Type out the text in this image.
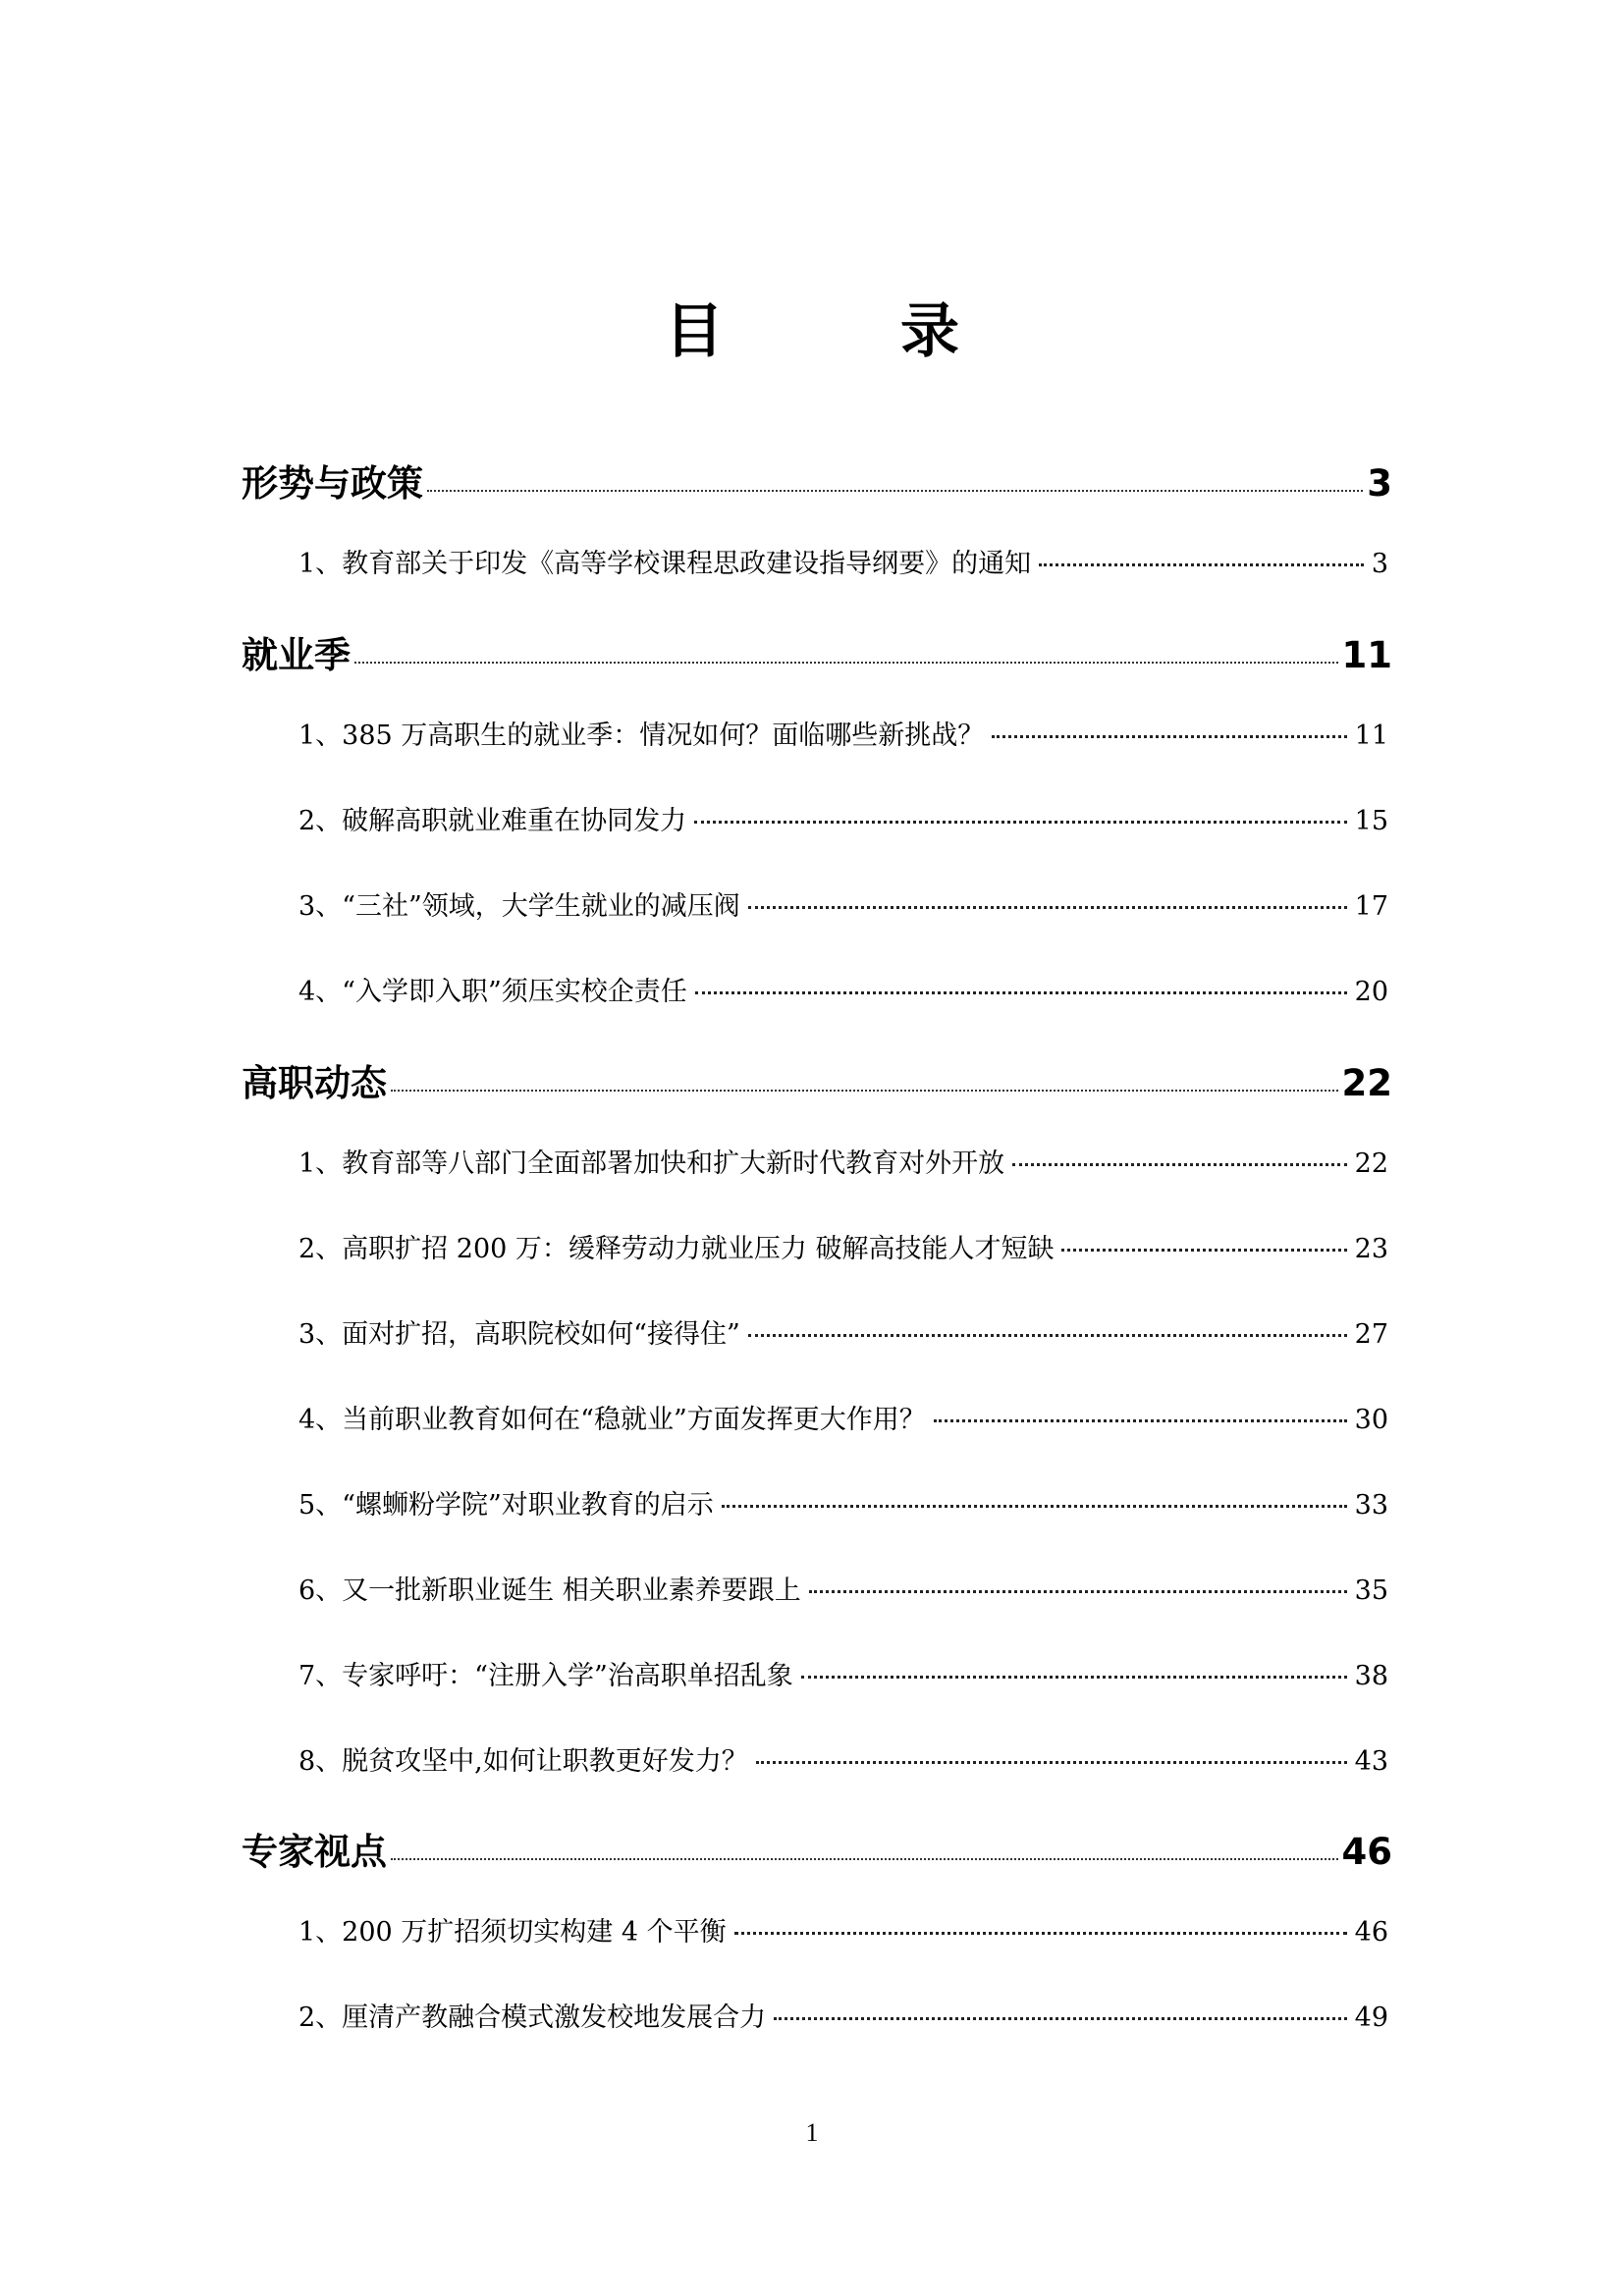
目　录
形势与政策	3
1、教育部关于印发《高等学校课程思政建设指导纲要》的通知	3
就业季	11
1、385 万高职生的就业季：情况如何？面临哪些新挑战？	11
2、破解高职就业难重在协同发力	15
3、“三社”领域，大学生就业的减压阀	17
4、“入学即入职”须压实校企责任	20
高职动态	22
1、教育部等八部门全面部署加快和扩大新时代教育对外开放	22
2、高职扩招 200 万：缓释劳动力就业压力 破解高技能人才短缺	23
3、面对扩招，高职院校如何“接得住”	27
4、当前职业教育如何在“稳就业”方面发挥更大作用？	30
5、“螺蛳粉学院”对职业教育的启示	33
6、又一批新职业诞生 相关职业素养要跟上	35
7、专家呼吁：“注册入学”治高职单招乱象	38
8、脱贫攻坚中,如何让职教更好发力？	43
专家视点	46
1、200 万扩招须切实构建 4 个平衡	46
2、厘清产教融合模式激发校地发展合力	49
1
